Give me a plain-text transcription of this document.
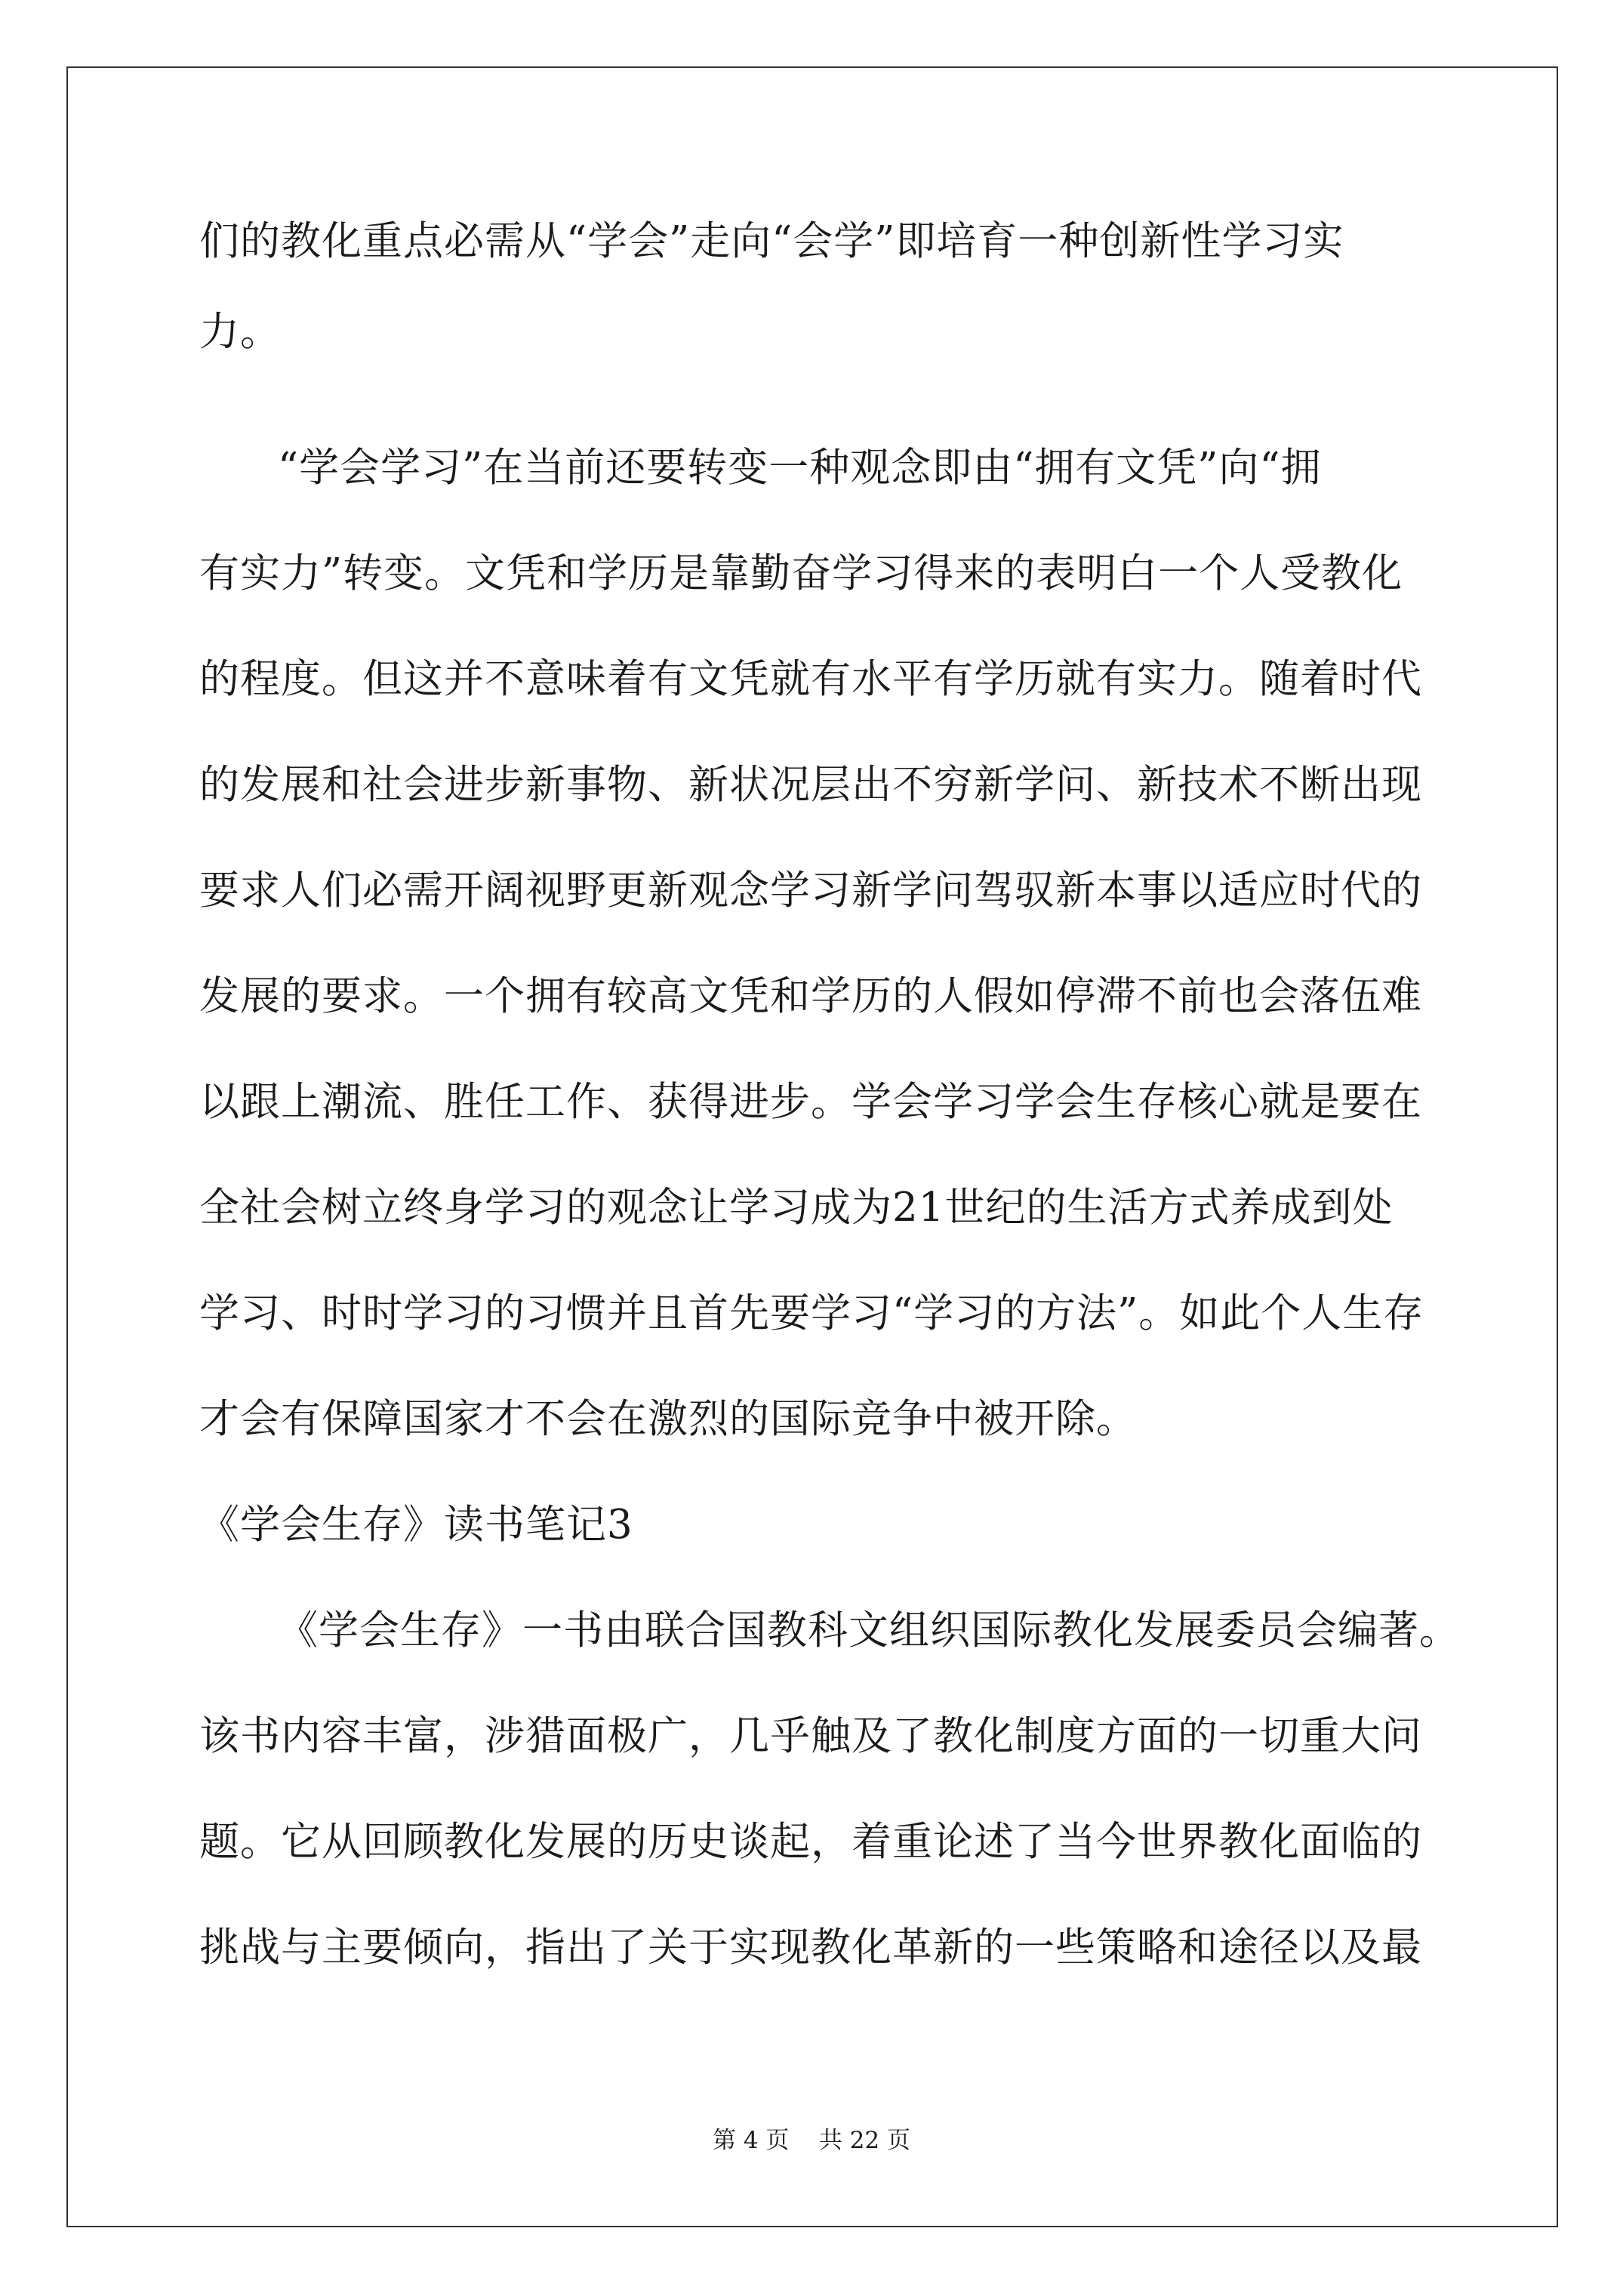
们的教化重点必需从“学会”走向“会学”即培育一种创新性学习实
力。
“学会学习”在当前还要转变一种观念即由“拥有文凭”向“拥
有实力”转变。文凭和学历是靠勤奋学习得来的表明白一个人受教化
的程度。但这并不意味着有文凭就有水平有学历就有实力。随着时代
的发展和社会进步新事物、新状况层出不穷新学问、新技术不断出现
要求人们必需开阔视野更新观念学习新学问驾驭新本事以适应时代的
发展的要求。一个拥有较高文凭和学历的人假如停滞不前也会落伍难
以跟上潮流、胜任工作、获得进步。学会学习学会生存核心就是要在
全社会树立终身学习的观念让学习成为21世纪的生活方式养成到处
学习、时时学习的习惯并且首先要学习“学习的方法”。如此个人生存
才会有保障国家才不会在激烈的国际竞争中被开除。
《学会生存》读书笔记3
《学会生存》一书由联合国教科文组织国际教化发展委员会编著。
该书内容丰富，涉猎面极广，几乎触及了教化制度方面的一切重大问
题。它从回顾教化发展的历史谈起，着重论述了当今世界教化面临的
挑战与主要倾向，指出了关于实现教化革新的一些策略和途径以及最
第 4 页    共 22 页
